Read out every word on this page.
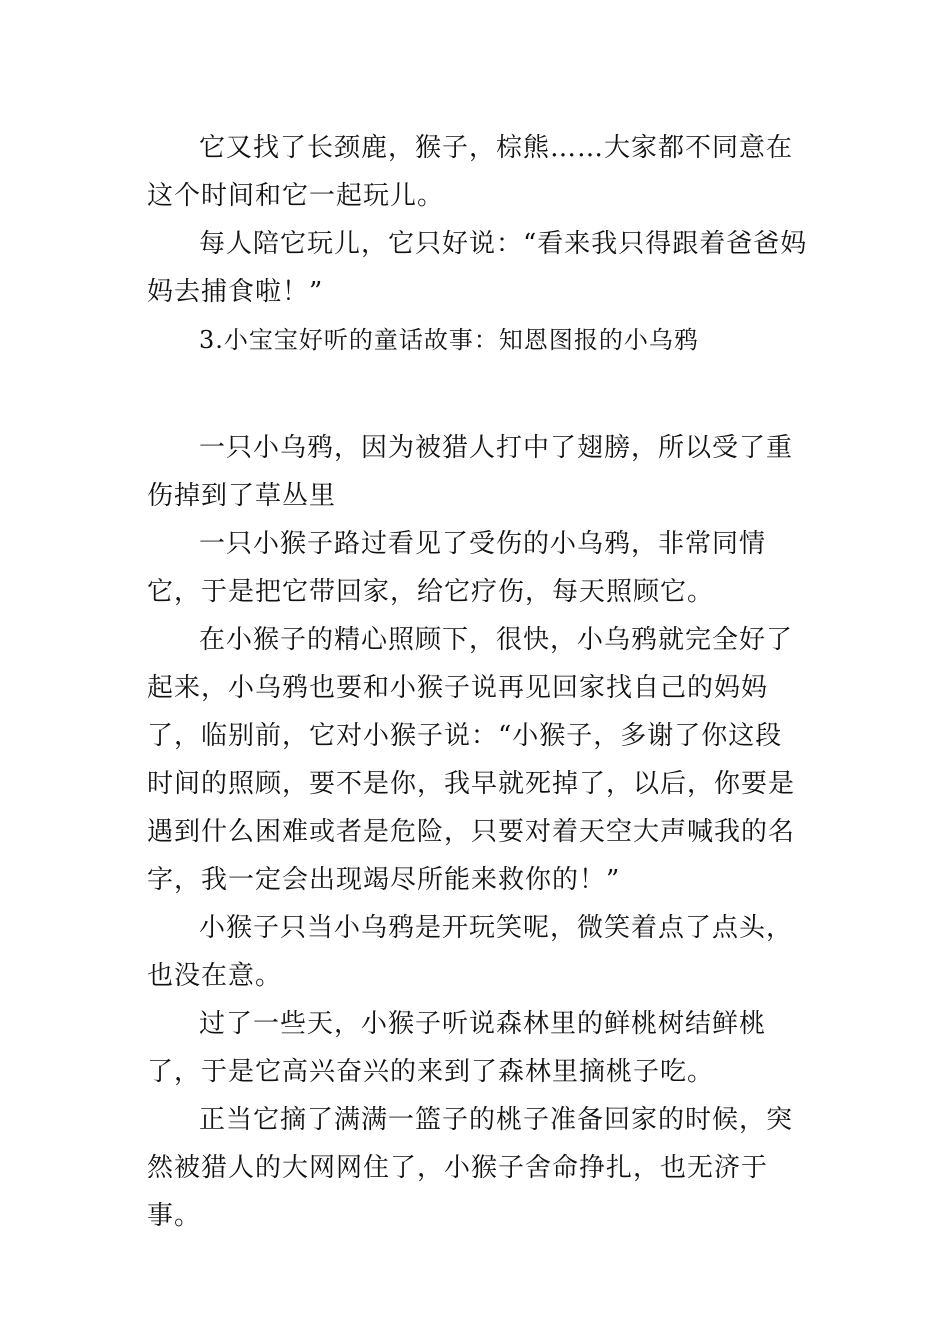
它又找了长颈鹿，猴子，棕熊……大家都不同意在这个时间和它一起玩儿。

每人陪它玩儿，它只好说：“看来我只得跟着爸爸妈妈去捕食啦！”

3.小宝宝好听的童话故事：知恩图报的小乌鸦

一只小乌鸦，因为被猎人打中了翅膀，所以受了重伤掉到了草丛里

一只小猴子路过看见了受伤的小乌鸦，非常同情它，于是把它带回家，给它疗伤，每天照顾它。

在小猴子的精心照顾下，很快，小乌鸦就完全好了起来，小乌鸦也要和小猴子说再见回家找自己的妈妈了，临别前，它对小猴子说：“小猴子，多谢了你这段时间的照顾，要不是你，我早就死掉了，以后，你要是遇到什么困难或者是危险，只要对着天空大声喊我的名字，我一定会出现竭尽所能来救你的！”

小猴子只当小乌鸦是开玩笑呢，微笑着点了点头，也没在意。

过了一些天，小猴子听说森林里的鲜桃树结鲜桃了，于是它高兴奋兴的来到了森林里摘桃子吃。

正当它摘了满满一篮子的桃子准备回家的时候，突然被猎人的大网网住了，小猴子舍命挣扎，也无济于事。
